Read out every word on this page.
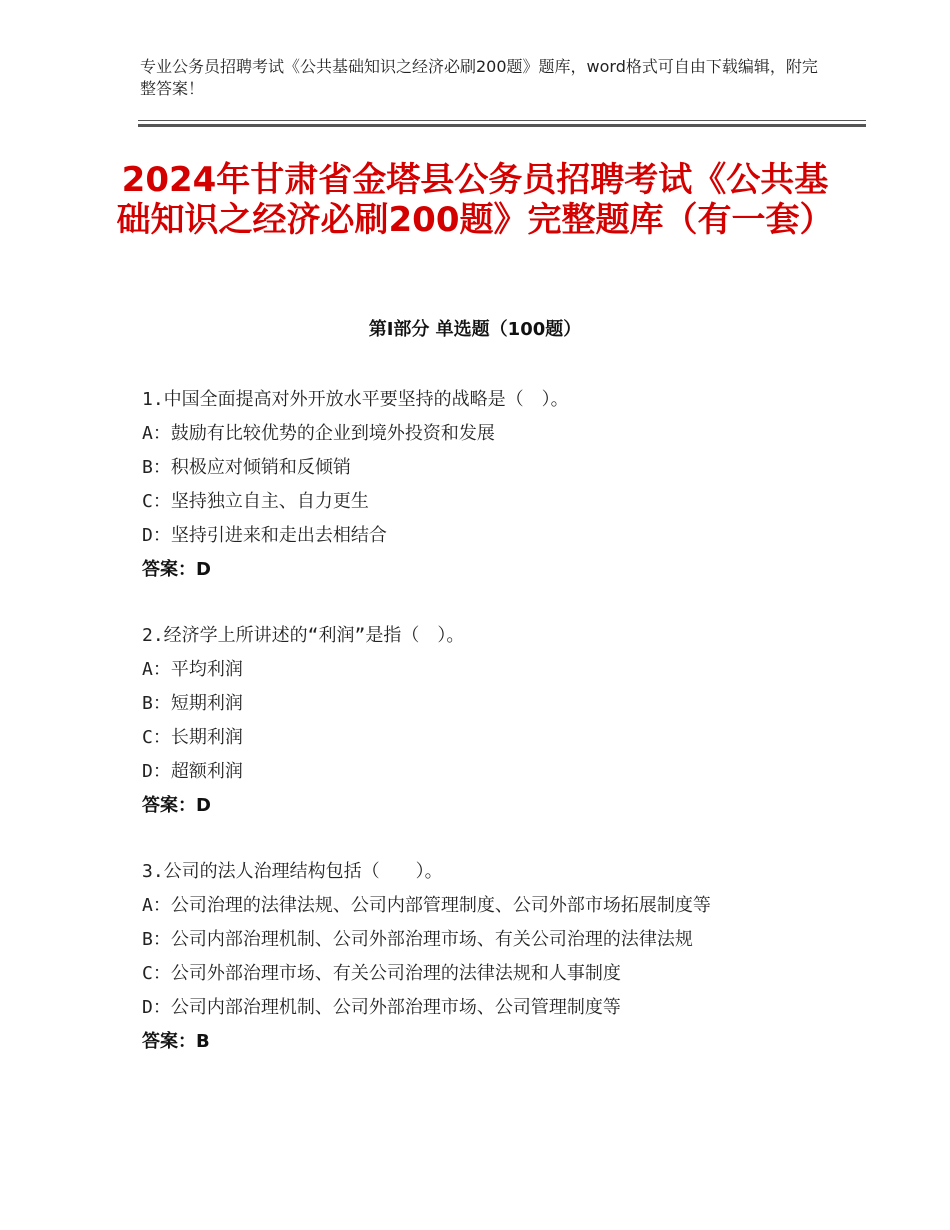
专业公务员招聘考试《公共基础知识之经济必刷200题》题库，word格式可自由下载编辑，附完整答案！
2024年甘肃省金塔县公务员招聘考试《公共基础知识之经济必刷200题》完整题库（有一套）
第Ⅰ部分 单选题（100题）
1.中国全面提高对外开放水平要坚持的战略是（　）。
A：鼓励有比较优势的企业到境外投资和发展
B：积极应对倾销和反倾销
C：坚持独立自主、自力更生
D：坚持引进来和走出去相结合
答案：D
2.经济学上所讲述的“利润”是指（　）。
A：平均利润
B：短期利润
C：长期利润
D：超额利润
答案：D
3.公司的法人治理结构包括（　　）。
A：公司治理的法律法规、公司内部管理制度、公司外部市场拓展制度等
B：公司内部治理机制、公司外部治理市场、有关公司治理的法律法规
C：公司外部治理市场、有关公司治理的法律法规和人事制度
D：公司内部治理机制、公司外部治理市场、公司管理制度等
答案：B
